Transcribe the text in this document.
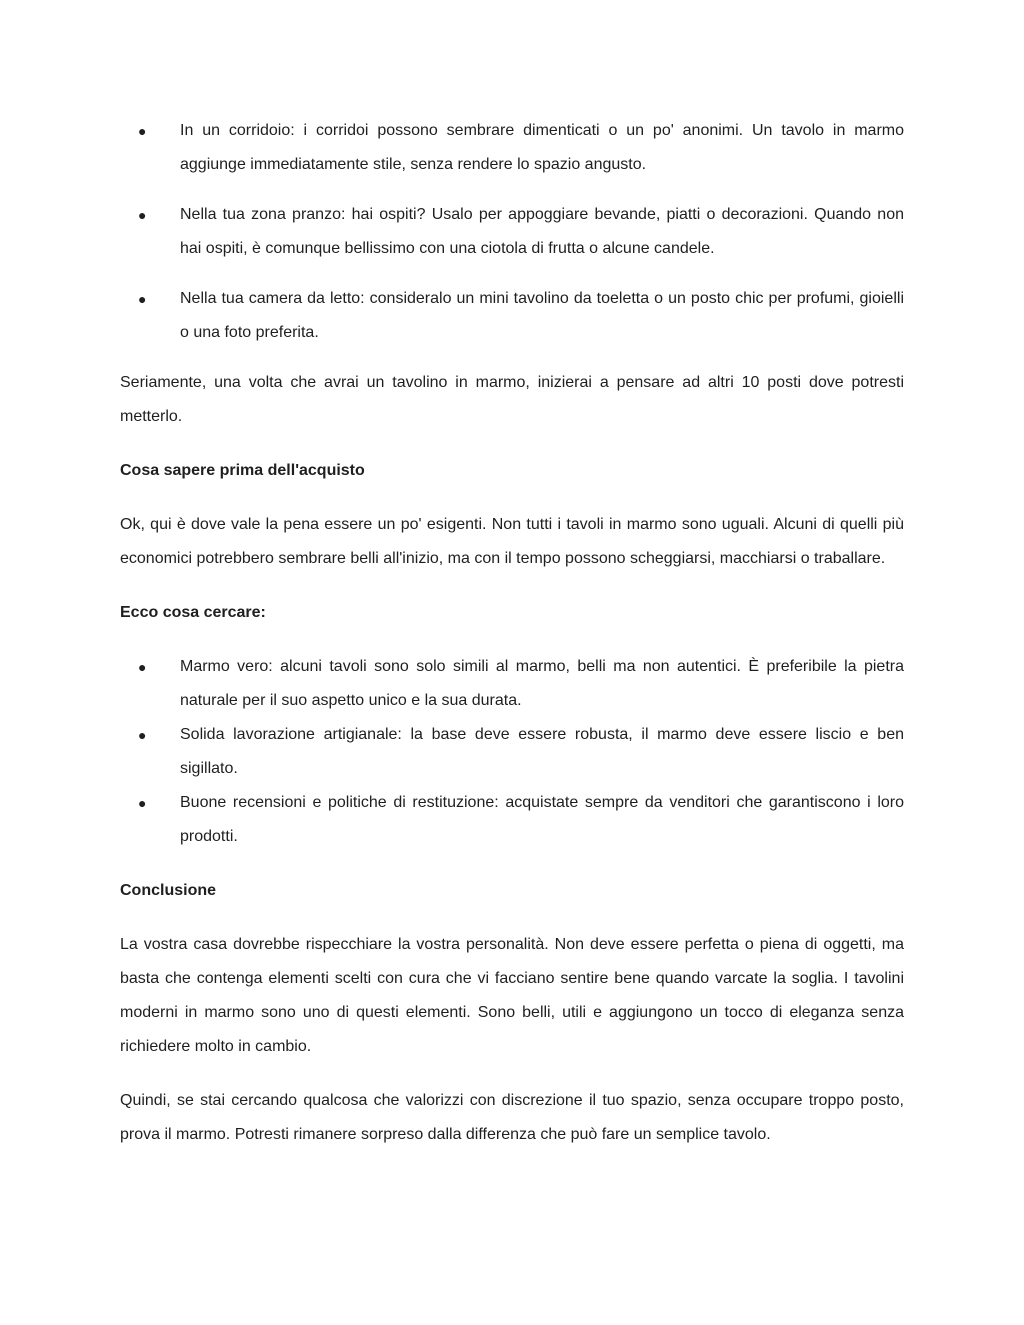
● In un corridoio: i corridoi possono sembrare dimenticati o un po' anonimi. Un tavolo in marmo aggiunge immediatamente stile, senza rendere lo spazio angusto.
● Nella tua zona pranzo: hai ospiti? Usalo per appoggiare bevande, piatti o decorazioni. Quando non hai ospiti, è comunque bellissimo con una ciotola di frutta o alcune candele.
● Nella tua camera da letto: consideralo un mini tavolino da toeletta o un posto chic per profumi, gioielli o una foto preferita.

Seriamente, una volta che avrai un tavolino in marmo, inizierai a pensare ad altri 10 posti dove potresti metterlo.

Cosa sapere prima dell'acquisto

Ok, qui è dove vale la pena essere un po' esigenti. Non tutti i tavoli in marmo sono uguali. Alcuni di quelli più economici potrebbero sembrare belli all'inizio, ma con il tempo possono scheggiarsi, macchiarsi o traballare.

Ecco cosa cercare:

● Marmo vero: alcuni tavoli sono solo simili al marmo, belli ma non autentici. È preferibile la pietra naturale per il suo aspetto unico e la sua durata.
● Solida lavorazione artigianale: la base deve essere robusta, il marmo deve essere liscio e ben sigillato.
● Buone recensioni e politiche di restituzione: acquistate sempre da venditori che garantiscono i loro prodotti.

Conclusione

La vostra casa dovrebbe rispecchiare la vostra personalità. Non deve essere perfetta o piena di oggetti, ma basta che contenga elementi scelti con cura che vi facciano sentire bene quando varcate la soglia. I tavolini moderni in marmo sono uno di questi elementi. Sono belli, utili e aggiungono un tocco di eleganza senza richiedere molto in cambio.

Quindi, se stai cercando qualcosa che valorizzi con discrezione il tuo spazio, senza occupare troppo posto, prova il marmo. Potresti rimanere sorpreso dalla differenza che può fare un semplice tavolo.
